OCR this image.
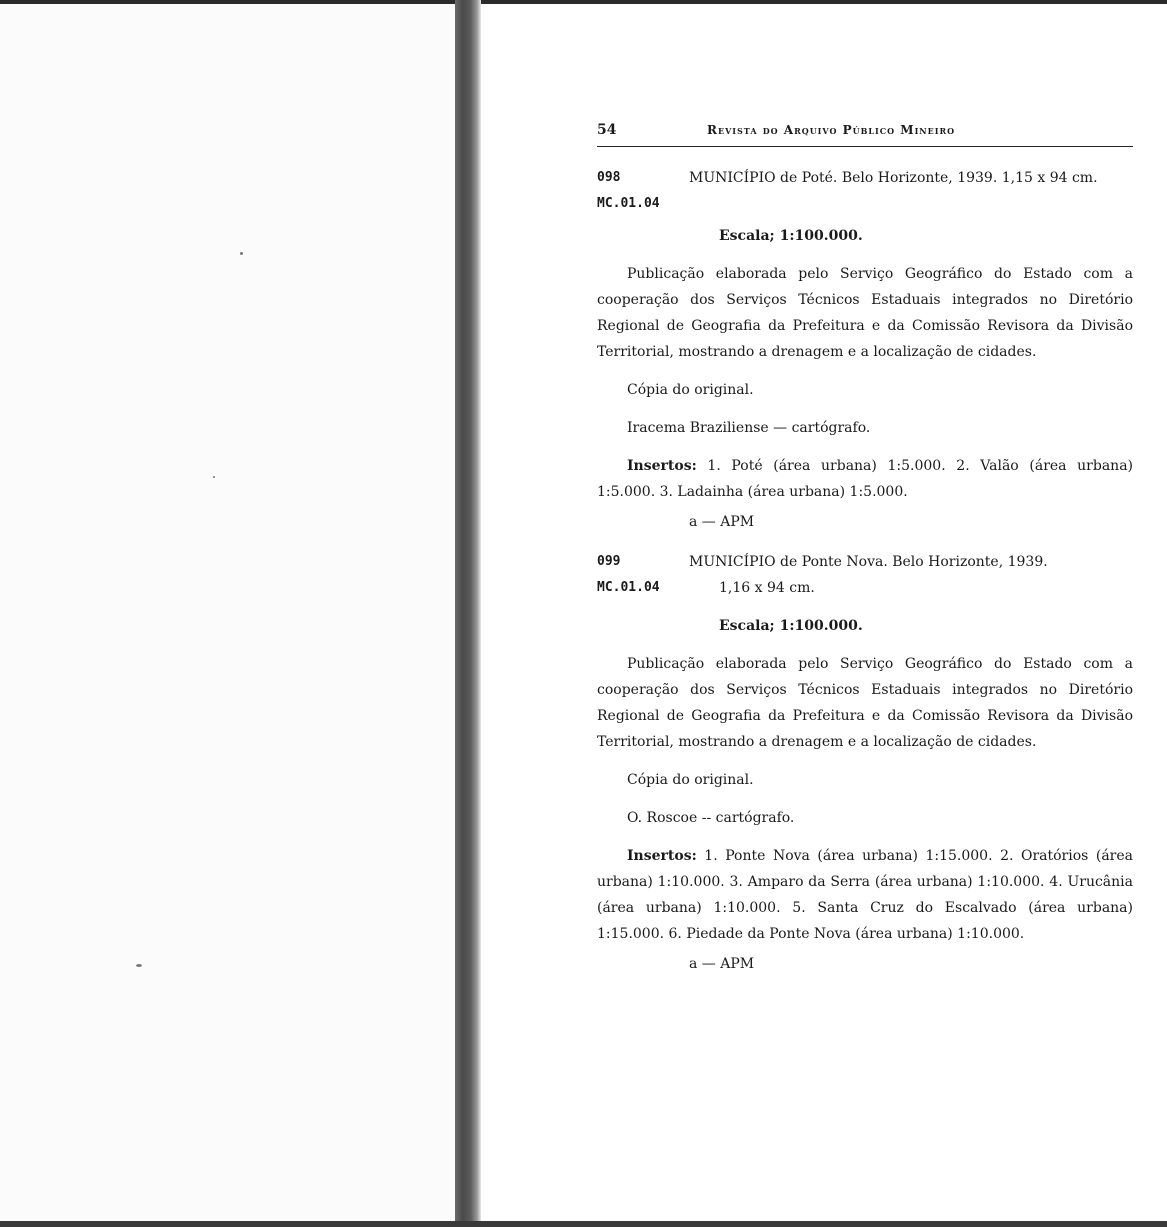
54	Revista do Arquivo Público Mineiro
098
MC.01.04

MUNICÍPIO de Poté. Belo Horizonte, 1939. 1,15 x 94 cm.

Escala; 1:100.000.

Publicação elaborada pelo Serviço Geográfico do Estado com a cooperação dos Serviços Técnicos Estaduais integrados no Diretório Regional de Geografia da Prefeitura e da Comissão Revisora da Divisão Territorial, mostrando a drenagem e a localização de cidades.

Cópia do original.

Iracema Braziliense — cartógrafo.

Insertos: 1. Poté (área urbana) 1:5.000. 2. Valão (área urbana) 1:5.000. 3. Ladainha (área urbana) 1:5.000.

a — APM

099
MC.01.04

MUNICÍPIO de Ponte Nova. Belo Horizonte, 1939.

1,16 x 94 cm.

Escala; 1:100.000.

Publicação elaborada pelo Serviço Geográfico do Estado com a cooperação dos Serviços Técnicos Estaduais integrados no Diretório Regional de Geografia da Prefeitura e da Comissão Revisora da Divisão Territorial, mostrando a drenagem e a localização de cidades.

Cópia do original.

O. Roscoe -- cartógrafo.

Insertos: 1. Ponte Nova (área urbana) 1:15.000. 2. Oratórios (área urbana) 1:10.000. 3. Amparo da Serra (área urbana) 1:10.000. 4. Urucânia (área urbana) 1:10.000. 5. Santa Cruz do Escalvado (área urbana) 1:15.000. 6. Piedade da Ponte Nova (área urbana) 1:10.000.

a — APM
